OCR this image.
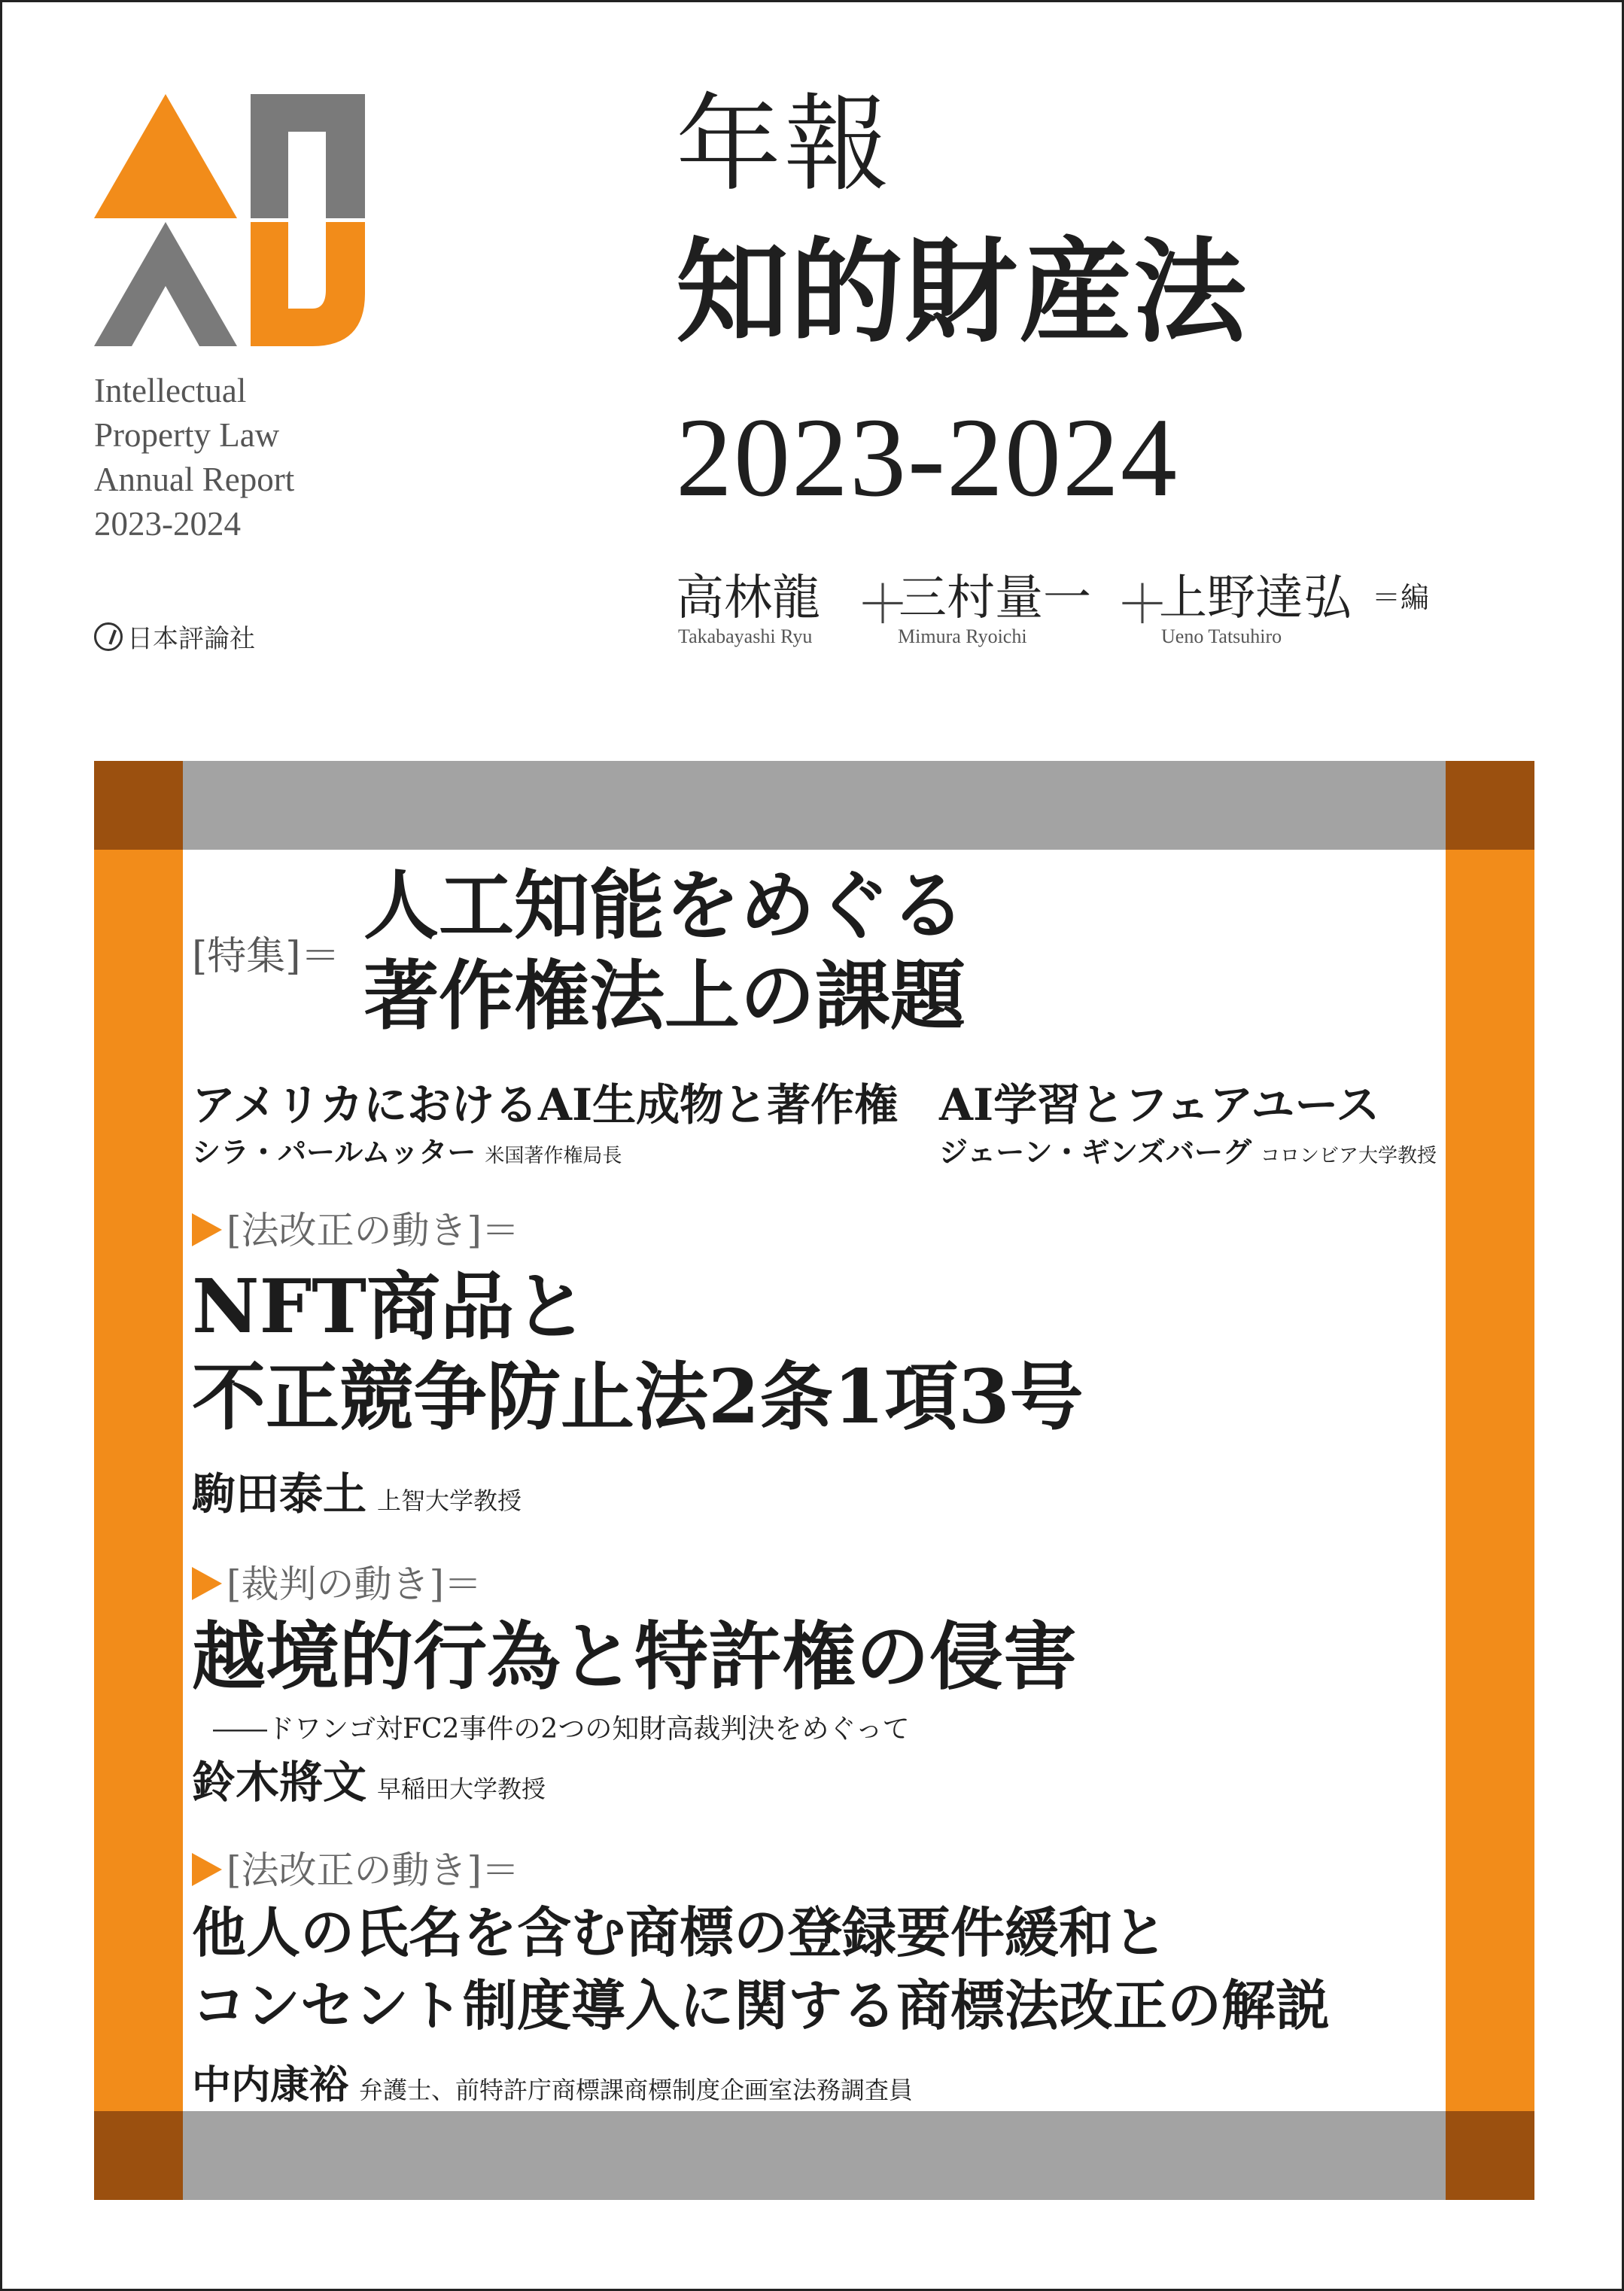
Intellectual
Property Law
Annual Report
2023-2024
日本評論社
年報
知的財産法
2023-2024
高林龍 ＋
三村量一 ＋
上野達弘 ＝編
Takabayashi Ryu	Mimura Ryoichi	Ueno Tatsuhiro
[特集]＝
人工知能をめぐる
著作権法上の課題
アメリカにおけるAI生成物と著作権
シラ・パールムッター 米国著作権局長
AI学習とフェアユース
ジェーン・ギンズバーグ コロンビア大学教授
[法改正の動き]＝
NFT商品と
不正競争防止法2条1項3号
駒田泰土 上智大学教授
[裁判の動き]＝
越境的行為と特許権の侵害
――ドワンゴ対FC2事件の2つの知財高裁判決をめぐって
鈴木將文 早稲田大学教授
[法改正の動き]＝
他人の氏名を含む商標の登録要件緩和と
コンセント制度導入に関する商標法改正の解説
中内康裕 弁護士、前特許庁商標課商標制度企画室法務調査員
